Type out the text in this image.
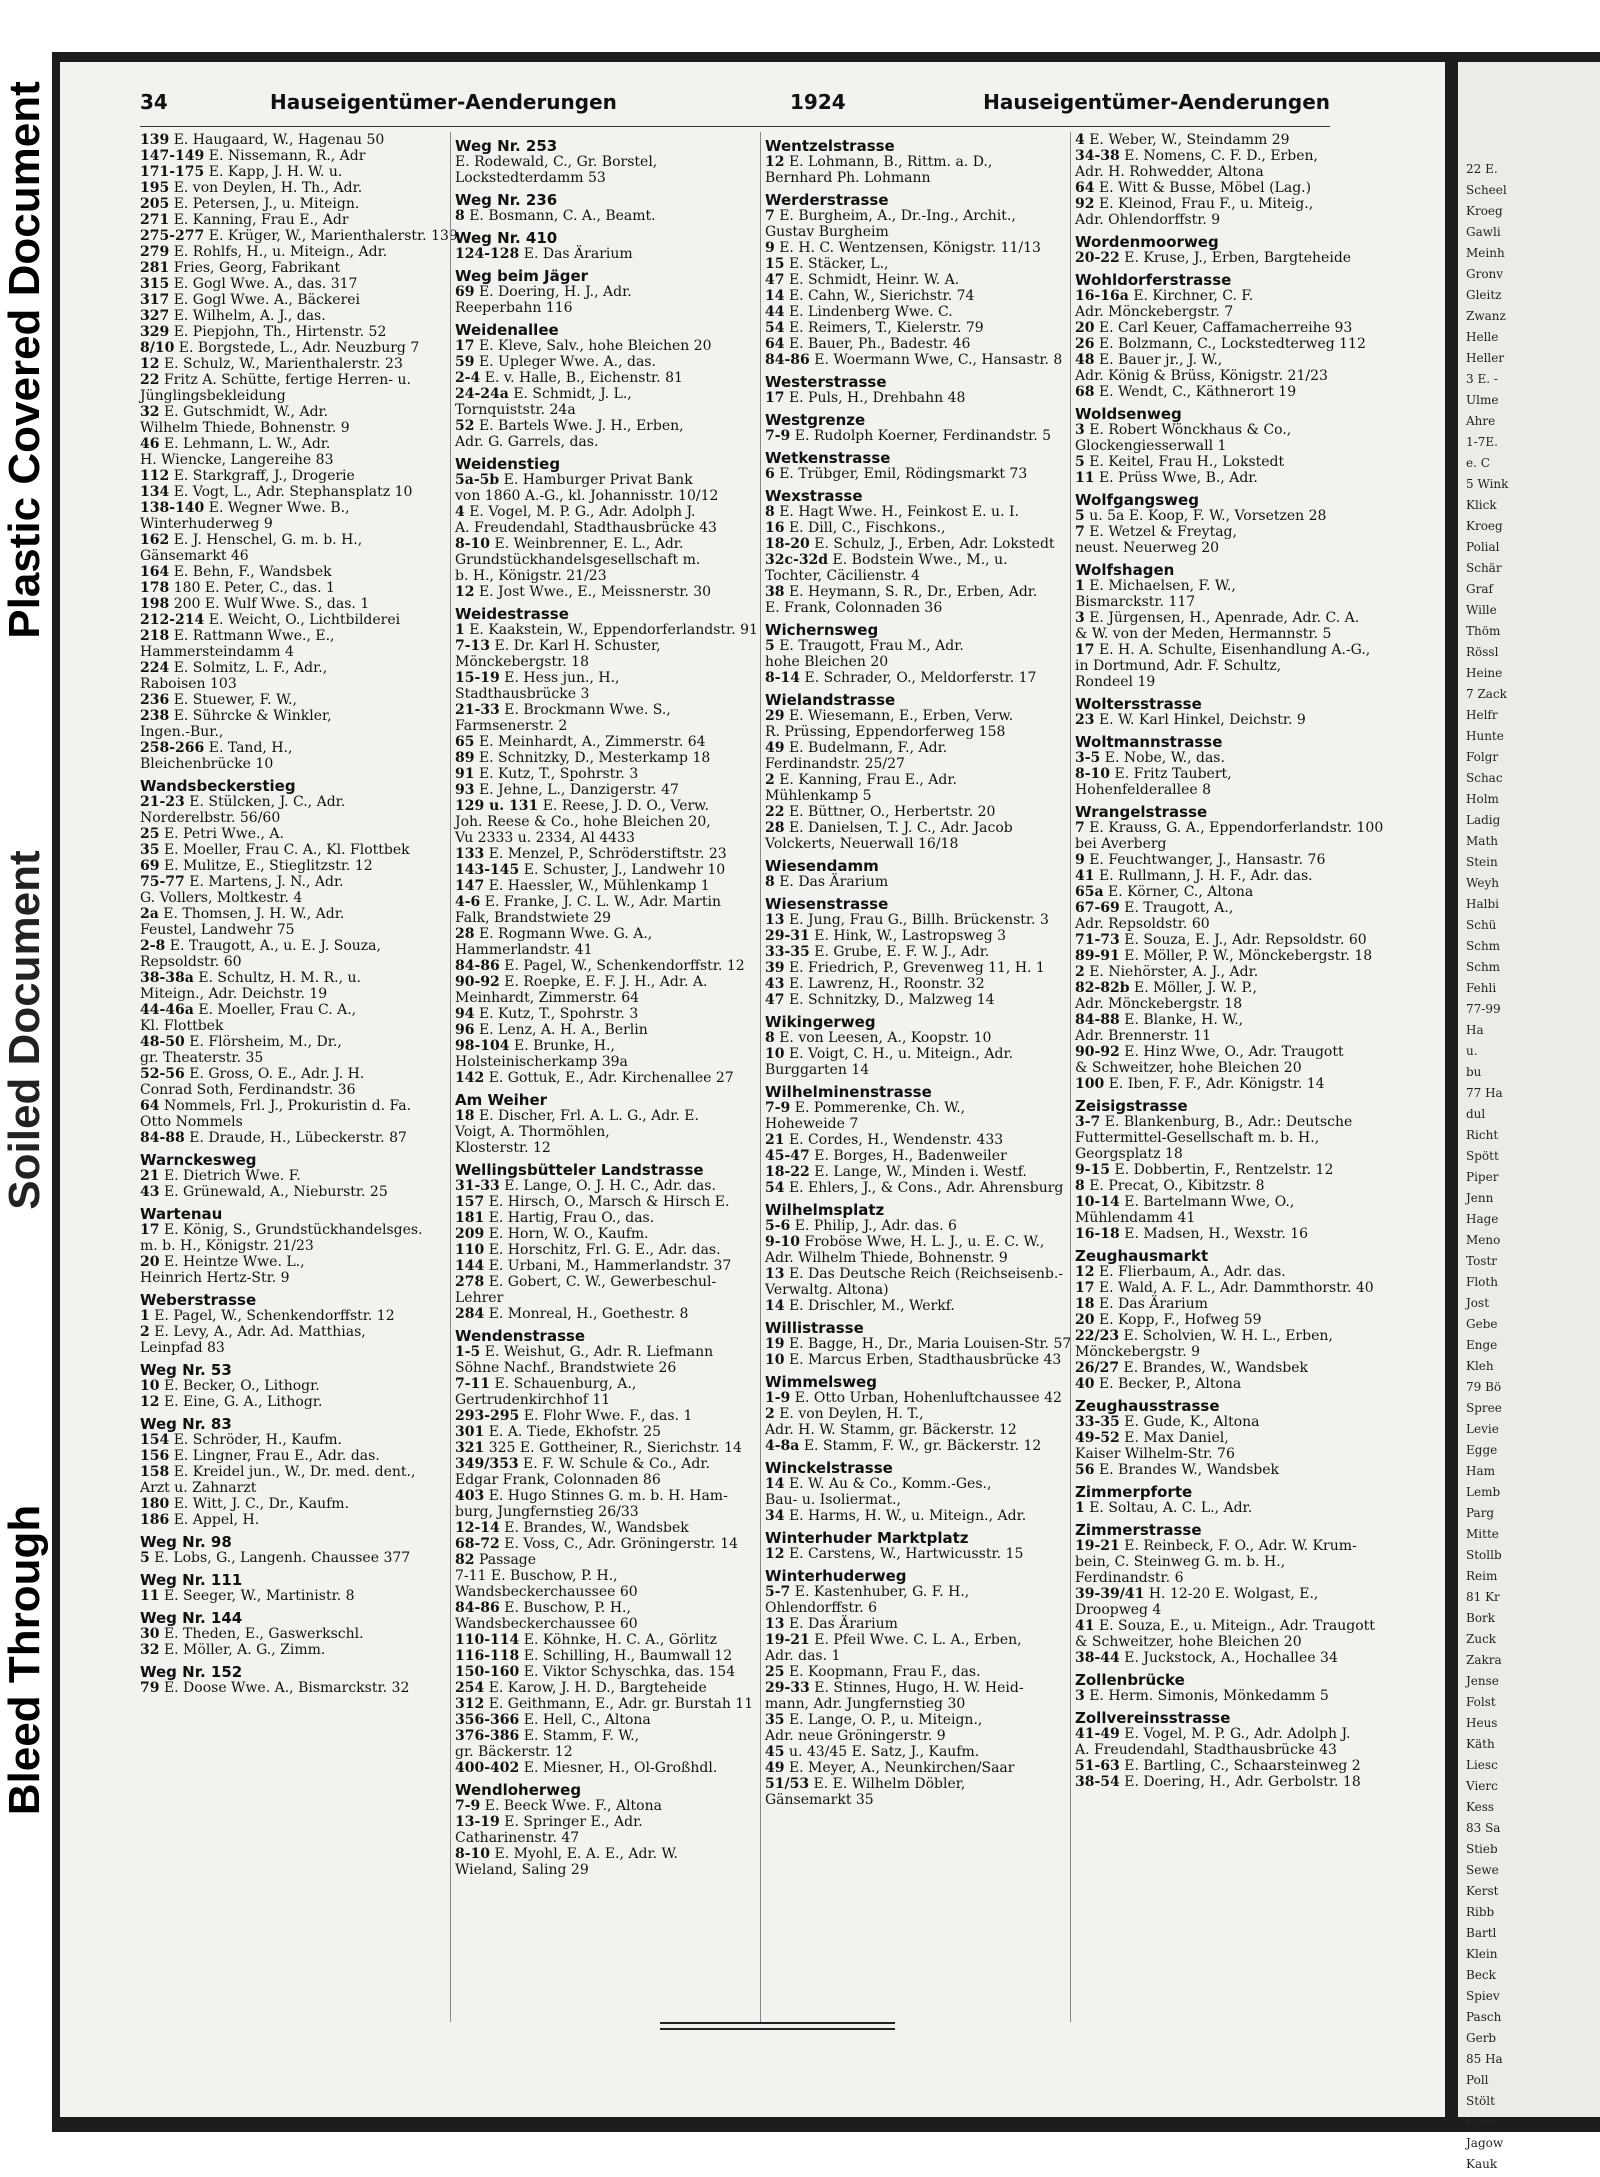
Bleed Through
Soiled Document
Plastic Covered Document	34	Hauseigentümer-Aenderungen	1924	Hauseigentümer-Aenderungen
139 E. Haugaard, W., Hagenau 50
147-149 E. Nissemann, R., Adr
171-175 E. Kapp, J. H. W. u.
195 E. von Deylen, H. Th., Adr.
205 E. Petersen, J., u. Miteign.
271 E. Kanning, Frau E., Adr
275-277 E. Krüger, W., Marienthalerstr. 139
279 E. Rohlfs, H., u. Miteign., Adr.
281 Fries, Georg, Fabrikant
315 E. Gogl Wwe. A., das. 317
317 E. Gogl Wwe. A., Bäckerei
327 E. Wilhelm, A. J., das.
329 E. Piepjohn, Th., Hirtenstr. 52
8/10 E. Borgstede, L., Adr. Neuzburg 7
12 E. Schulz, W., Marienthalerstr. 23
22 Fritz A. Schütte, fertige Herren- u.
Jünglingsbekleidung
32 E. Gutschmidt, W., Adr.
Wilhelm Thiede, Bohnenstr. 9
46 E. Lehmann, L. W., Adr.
H. Wiencke, Langereihe 83
112 E. Starkgraff, J., Drogerie
134 E. Vogt, L., Adr. Stephansplatz 10
138-140 E. Wegner Wwe. B.,
Winterhuderweg 9
162 E. J. Henschel, G. m. b. H.,
Gänsemarkt 46
164 E. Behn, F., Wandsbek
178 180 E. Peter, C., das. 1
198 200 E. Wulf Wwe. S., das. 1
212-214 E. Weicht, O., Lichtbilderei
218 E. Rattmann Wwe., E.,
Hammersteindamm 4
224 E. Solmitz, L. F., Adr.,
Raboisen 103
236 E. Stuewer, F. W.,
238 E. Sührcke & Winkler,
Ingen.-Bur.,
258-266 E. Tand, H.,
Bleichenbrücke 10
Wandsbeckerstieg
21-23 E. Stülcken, J. C., Adr.
Norderelbstr. 56/60
25 E. Petri Wwe., A.
35 E. Moeller, Frau C. A., Kl. Flottbek
69 E. Mulitze, E., Stieglitzstr. 12
75-77 E. Martens, J. N., Adr.
G. Vollers, Moltkestr. 4
2a E. Thomsen, J. H. W., Adr.
Feustel, Landwehr 75
2-8 E. Traugott, A., u. E. J. Souza,
Repsoldstr. 60
38-38a E. Schultz, H. M. R., u.
Miteign., Adr. Deichstr. 19
44-46a E. Moeller, Frau C. A.,
Kl. Flottbek
48-50 E. Flörsheim, M., Dr.,
gr. Theaterstr. 35
52-56 E. Gross, O. E., Adr. J. H.
Conrad Soth, Ferdinandstr. 36
64 Nommels, Frl. J., Prokuristin d. Fa.
Otto Nommels
84-88 E. Draude, H., Lübeckerstr. 87
Warnckesweg
21 E. Dietrich Wwe. F.
43 E. Grünewald, A., Nieburstr. 25
Wartenau
17 E. König, S., Grundstückhandelsges.
m. b. H., Königstr. 21/23
20 E. Heintze Wwe. L.,
Heinrich Hertz-Str. 9
Weberstrasse
1 E. Pagel, W., Schenkendorffstr. 12
2 E. Levy, A., Adr. Ad. Matthias,
Leinpfad 83
Weg Nr. 53
10 E. Becker, O., Lithogr.
12 E. Eine, G. A., Lithogr.
Weg Nr. 83
154 E. Schröder, H., Kaufm.
156 E. Lingner, Frau E., Adr. das.
158 E. Kreidel jun., W., Dr. med. dent.,
Arzt u. Zahnarzt
180 E. Witt, J. C., Dr., Kaufm.
186 E. Appel, H.
Weg Nr. 98
5 E. Lobs, G., Langenh. Chaussee 377
Weg Nr. 111
11 E. Seeger, W., Martinistr. 8
Weg Nr. 144
30 E. Theden, E., Gaswerkschl.
32 E. Möller, A. G., Zimm.
Weg Nr. 152
79 E. Doose Wwe. A., Bismarckstr. 32
Weg Nr. 253
E. Rodewald, C., Gr. Borstel,
Lockstedterdamm 53
Weg Nr. 236
8 E. Bosmann, C. A., Beamt.
Weg Nr. 410
124-128 E. Das Ärarium
Weg beim Jäger
69 E. Doering, H. J., Adr.
Reeperbahn 116
Weidenallee
17 E. Kleve, Salv., hohe Bleichen 20
59 E. Upleger Wwe. A., das.
2-4 E. v. Halle, B., Eichenstr. 81
24-24a E. Schmidt, J. L.,
Tornquiststr. 24a
52 E. Bartels Wwe. J. H., Erben,
Adr. G. Garrels, das.
Weidenstieg
5a-5b E. Hamburger Privat Bank
von 1860 A.-G., kl. Johannisstr. 10/12
4 E. Vogel, M. P. G., Adr. Adolph J.
A. Freudendahl, Stadthausbrücke 43
8-10 E. Weinbrenner, E. L., Adr.
Grundstückhandelsgesellschaft m.
b. H., Königstr. 21/23
12 E. Jost Wwe., E., Meissnerstr. 30
Weidestrasse
1 E. Kaakstein, W., Eppendorferlandstr. 91
7-13 E. Dr. Karl H. Schuster,
Mönckebergstr. 18
15-19 E. Hess jun., H.,
Stadthausbrücke 3
21-33 E. Brockmann Wwe. S.,
Farmsenerstr. 2
65 E. Meinhardt, A., Zimmerstr. 64
89 E. Schnitzky, D., Mesterkamp 18
91 E. Kutz, T., Spohrstr. 3
93 E. Jehne, L., Danzigerstr. 47
129 u. 131 E. Reese, J. D. O., Verw.
Joh. Reese & Co., hohe Bleichen 20,
Vu 2333 u. 2334, Al 4433
133 E. Menzel, P., Schröderstiftstr. 23
143-145 E. Schuster, J., Landwehr 10
147 E. Haessler, W., Mühlenkamp 1
4-6 E. Franke, J. C. L. W., Adr. Martin
Falk, Brandstwiete 29
28 E. Rogmann Wwe. G. A.,
Hammerlandstr. 41
84-86 E. Pagel, W., Schenkendorffstr. 12
90-92 E. Roepke, E. F. J. H., Adr. A.
Meinhardt, Zimmerstr. 64
94 E. Kutz, T., Spohrstr. 3
96 E. Lenz, A. H. A., Berlin
98-104 E. Brunke, H.,
Holsteinischerkamp 39a
142 E. Gottuk, E., Adr. Kirchenallee 27
Am Weiher
18 E. Discher, Frl. A. L. G., Adr. E.
Voigt, A. Thormöhlen,
Klosterstr. 12
Wellingsbütteler Landstrasse
31-33 E. Lange, O. J. H. C., Adr. das.
157 E. Hirsch, O., Marsch & Hirsch E.
181 E. Hartig, Frau O., das.
209 E. Horn, W. O., Kaufm.
110 E. Horschitz, Frl. G. E., Adr. das.
144 E. Urbani, M., Hammerlandstr. 37
278 E. Gobert, C. W., Gewerbeschul-
Lehrer
284 E. Monreal, H., Goethestr. 8
Wendenstrasse
1-5 E. Weishut, G., Adr. R. Liefmann
Söhne Nachf., Brandstwiete 26
7-11 E. Schauenburg, A.,
Gertrudenkirchhof 11
293-295 E. Flohr Wwe. F., das. 1
301 E. A. Tiede, Ekhofstr. 25
321 325 E. Gottheiner, R., Sierichstr. 14
349/353 E. F. W. Schule & Co., Adr.
Edgar Frank, Colonnaden 86
403 E. Hugo Stinnes G. m. b. H. Ham-
burg, Jungfernstieg 26/33
12-14 E. Brandes, W., Wandsbek
68-72 E. Voss, C., Adr. Gröningerstr. 14
82 Passage
7-11 E. Buschow, P. H.,
Wandsbeckerchaussee 60
84-86 E. Buschow, P. H.,
Wandsbeckerchaussee 60
110-114 E. Köhnke, H. C. A., Görlitz
116-118 E. Schilling, H., Baumwall 12
150-160 E. Viktor Schyschka, das. 154
254 E. Karow, J. H. D., Bargteheide
312 E. Geithmann, E., Adr. gr. Burstah 11
356-366 E. Hell, C., Altona
376-386 E. Stamm, F. W.,
gr. Bäckerstr. 12
400-402 E. Miesner, H., Ol-Großhdl.
Wendloherweg
7-9 E. Beeck Wwe. F., Altona
13-19 E. Springer E., Adr.
Catharinenstr. 47
8-10 E. Myohl, E. A. E., Adr. W.
Wieland, Saling 29
Wentzelstrasse
12 E. Lohmann, B., Rittm. a. D.,
Bernhard Ph. Lohmann
Werderstrasse
7 E. Burgheim, A., Dr.-Ing., Archit.,
Gustav Burgheim
9 E. H. C. Wentzensen, Königstr. 11/13
15 E. Stäcker, L.,
47 E. Schmidt, Heinr. W. A.
14 E. Cahn, W., Sierichstr. 74
44 E. Lindenberg Wwe. C.
54 E. Reimers, T., Kielerstr. 79
64 E. Bauer, Ph., Badestr. 46
84-86 E. Woermann Wwe, C., Hansastr. 8
Westerstrasse
17 E. Puls, H., Drehbahn 48
Westgrenze
7-9 E. Rudolph Koerner, Ferdinandstr. 5
Wetkenstrasse
6 E. Trübger, Emil, Rödingsmarkt 73
Wexstrasse
8 E. Hagt Wwe. H., Feinkost E. u. I.
16 E. Dill, C., Fischkons.,
18-20 E. Schulz, J., Erben, Adr. Lokstedt
32c-32d E. Bodstein Wwe., M., u.
Tochter, Cäcilienstr. 4
38 E. Heymann, S. R., Dr., Erben, Adr.
E. Frank, Colonnaden 36
Wichernsweg
5 E. Traugott, Frau M., Adr.
hohe Bleichen 20
8-14 E. Schrader, O., Meldorferstr. 17
Wielandstrasse
29 E. Wiesemann, E., Erben, Verw.
R. Prüssing, Eppendorferweg 158
49 E. Budelmann, F., Adr.
Ferdinandstr. 25/27
2 E. Kanning, Frau E., Adr.
Mühlenkamp 5
22 E. Büttner, O., Herbertstr. 20
28 E. Danielsen, T. J. C., Adr. Jacob
Volckerts, Neuerwall 16/18
Wiesendamm
8 E. Das Ärarium
Wiesenstrasse
13 E. Jung, Frau G., Billh. Brückenstr. 3
29-31 E. Hink, W., Lastropsweg 3
33-35 E. Grube, E. F. W. J., Adr.
39 E. Friedrich, P., Grevenweg 11, H. 1
43 E. Lawrenz, H., Roonstr. 32
47 E. Schnitzky, D., Malzweg 14
Wikingerweg
8 E. von Leesen, A., Koopstr. 10
10 E. Voigt, C. H., u. Miteign., Adr.
Burggarten 14
Wilhelminenstrasse
7-9 E. Pommerenke, Ch. W.,
Hoheweide 7
21 E. Cordes, H., Wendenstr. 433
45-47 E. Borges, H., Badenweiler
18-22 E. Lange, W., Minden i. Westf.
54 E. Ehlers, J., & Cons., Adr. Ahrensburg
Wilhelmsplatz
5-6 E. Philip, J., Adr. das. 6
9-10 Froböse Wwe, H. L. J., u. E. C. W.,
Adr. Wilhelm Thiede, Bohnenstr. 9
13 E. Das Deutsche Reich (Reichseisenb.-
Verwaltg. Altona)
14 E. Drischler, M., Werkf.
Willistrasse
19 E. Bagge, H., Dr., Maria Louisen-Str. 57
10 E. Marcus Erben, Stadthausbrücke 43
Wimmelsweg
1-9 E. Otto Urban, Hohenluftchaussee 42
2 E. von Deylen, H. T.,
Adr. H. W. Stamm, gr. Bäckerstr. 12
4-8a E. Stamm, F. W., gr. Bäckerstr. 12
Winckelstrasse
14 E. W. Au & Co., Komm.-Ges.,
Bau- u. Isoliermat.,
34 E. Harms, H. W., u. Miteign., Adr.
Winterhuder Marktplatz
12 E. Carstens, W., Hartwicusstr. 15
Winterhuderweg
5-7 E. Kastenhuber, G. F. H.,
Ohlendorffstr. 6
13 E. Das Ärarium
19-21 E. Pfeil Wwe. C. L. A., Erben,
Adr. das. 1
25 E. Koopmann, Frau F., das.
29-33 E. Stinnes, Hugo, H. W. Heid-
mann, Adr. Jungfernstieg 30
35 E. Lange, O. P., u. Miteign.,
Adr. neue Gröningerstr. 9
45 u. 43/45 E. Satz, J., Kaufm.
49 E. Meyer, A., Neunkirchen/Saar
51/53 E. E. Wilhelm Döbler,
Gänsemarkt 35
4 E. Weber, W., Steindamm 29
34-38 E. Nomens, C. F. D., Erben,
Adr. H. Rohwedder, Altona
64 E. Witt & Busse, Möbel (Lag.)
92 E. Kleinod, Frau F., u. Miteig.,
Adr. Ohlendorffstr. 9
Wordenmoorweg
20-22 E. Kruse, J., Erben, Bargteheide
Wohldorferstrasse
16-16a E. Kirchner, C. F.
Adr. Mönckebergstr. 7
20 E. Carl Keuer, Caffamacherreihe 93
26 E. Bolzmann, C., Lockstedterweg 112
48 E. Bauer jr., J. W.,
Adr. König & Brüss, Königstr. 21/23
68 E. Wendt, C., Käthnerort 19
Woldsenweg
3 E. Robert Wönckhaus & Co.,
Glockengiesserwall 1
5 E. Keitel, Frau H., Lokstedt
11 E. Prüss Wwe, B., Adr.
Wolfgangsweg
5 u. 5a E. Koop, F. W., Vorsetzen 28
7 E. Wetzel & Freytag,
neust. Neuerweg 20
Wolfshagen
1 E. Michaelsen, F. W.,
Bismarckstr. 117
3 E. Jürgensen, H., Apenrade, Adr. C. A.
& W. von der Meden, Hermannstr. 5
17 E. H. A. Schulte, Eisenhandlung A.-G.,
in Dortmund, Adr. F. Schultz,
Rondeel 19
Woltersstrasse
23 E. W. Karl Hinkel, Deichstr. 9
Woltmannstrasse
3-5 E. Nobe, W., das.
8-10 E. Fritz Taubert,
Hohenfelderallee 8
Wrangelstrasse
7 E. Krauss, G. A., Eppendorferlandstr. 100
bei Averberg
9 E. Feuchtwanger, J., Hansastr. 76
41 E. Rullmann, J. H. F., Adr. das.
65a E. Körner, C., Altona
67-69 E. Traugott, A.,
Adr. Repsoldstr. 60
71-73 E. Souza, E. J., Adr. Repsoldstr. 60
89-91 E. Möller, P. W., Mönckebergstr. 18
2 E. Niehörster, A. J., Adr.
82-82b E. Möller, J. W. P.,
Adr. Mönckebergstr. 18
84-88 E. Blanke, H. W.,
Adr. Brennerstr. 11
90-92 E. Hinz Wwe, O., Adr. Traugott
& Schweitzer, hohe Bleichen 20
100 E. Iben, F. F., Adr. Königstr. 14
Zeisigstrasse
3-7 E. Blankenburg, B., Adr.: Deutsche
Futtermittel-Gesellschaft m. b. H.,
Georgsplatz 18
9-15 E. Dobbertin, F., Rentzelstr. 12
8 E. Precat, O., Kibitzstr. 8
10-14 E. Bartelmann Wwe, O.,
Mühlendamm 41
16-18 E. Madsen, H., Wexstr. 16
Zeughausmarkt
12 E. Flierbaum, A., Adr. das.
17 E. Wald, A. F. L., Adr. Dammthorstr. 40
18 E. Das Ärarium
20 E. Kopp, F., Hofweg 59
22/23 E. Scholvien, W. H. L., Erben,
Mönckebergstr. 9
26/27 E. Brandes, W., Wandsbek
40 E. Becker, P., Altona
Zeughausstrasse
33-35 E. Gude, K., Altona
49-52 E. Max Daniel,
Kaiser Wilhelm-Str. 76
56 E. Brandes W., Wandsbek
Zimmerpforte
1 E. Soltau, A. C. L., Adr.
Zimmerstrasse
19-21 E. Reinbeck, F. O., Adr. W. Krum-
bein, C. Steinweg G. m. b. H.,
Ferdinandstr. 6
39-39/41 H. 12-20 E. Wolgast, E.,
Droopweg 4
41 E. Souza, E., u. Miteign., Adr. Traugott
& Schweitzer, hohe Bleichen 20
38-44 E. Juckstock, A., Hochallee 34
Zollenbrücke
3 E. Herm. Simonis, Mönkedamm 5
Zollvereinsstrasse
41-49 E. Vogel, M. P. G., Adr. Adolph J.
A. Freudendahl, Stadthausbrücke 43
51-63 E. Bartling, C., Schaarsteinweg 2
38-54 E. Doering, H., Adr. Gerbolstr. 18
22 E.
Scheel
Kroeg
Gawli
Meinh
Gronv
Gleitz
Zwanz
Helle
Heller
3 E. -
Ulme
Ahre
1-7E.
e. C
5 Wink
Klick
Kroeg
Polial
Schär
Graf
Wille
Thöm
Rössl
Heine
7 Zack
Helfr
Hunte
Folgr
Schac
Holm
Ladig
Math
Stein
Weyh
Halbi
Schü
Schm
Schm
Fehli
77-99
Ha
u.
bu
77 Ha
dul
Richt
Spött
Piper
Jenn
Hage
Meno
Tostr
Floth
Jost
Gebe
Enge
Kleh
79 Bö
Spree
Levie
Egge
Ham
Lemb
Parg
Mitte
Stollb
Reim
81 Kr
Bork
Zuck
Zakra
Jense
Folst
Heus
Käth
Liesc
Vierc
Kess
83 Sa
Stieb
Sewe
Kerst
Ribb
Bartl
Klein
Beck
Spiev
Pasch
Gerb
85 Ha
Poll
Stölt
Koch
Jagow
Kauk
